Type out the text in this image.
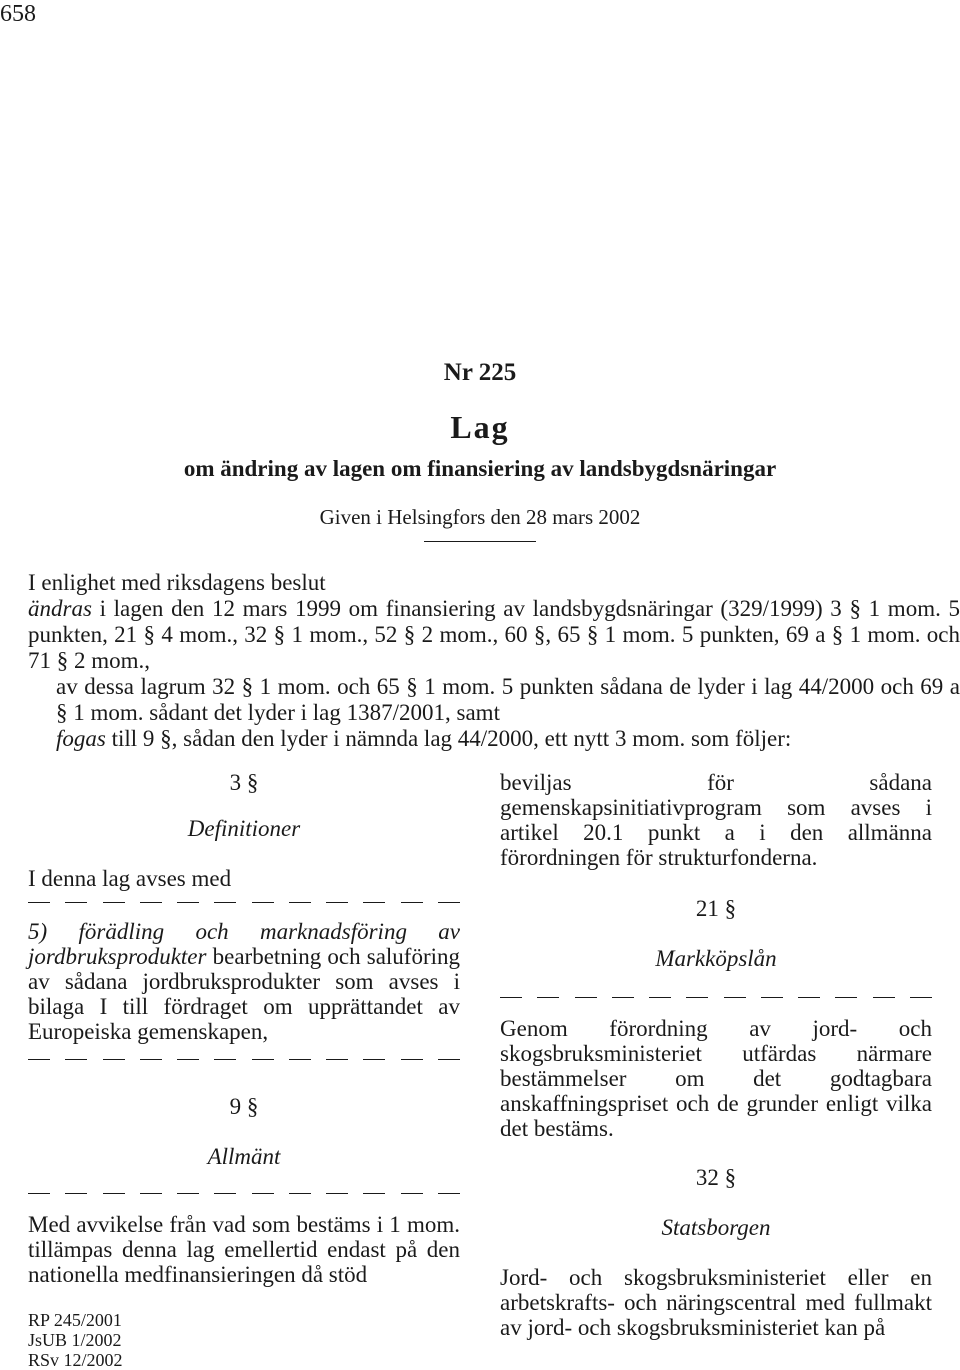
658
Nr 225
Lag
om ändring av lagen om finansiering av landsbygdsnäringar
Given i Helsingfors den 28 mars 2002

I enlighet med riksdagens beslut

ändras i lagen den 12 mars 1999 om finansiering av landsbygdsnäringar (329/1999) 3 § 1 mom. 5 punkten, 21 § 4 mom., 32 § 1 mom., 52 § 2 mom., 60 §, 65 § 1 mom. 5 punkten, 69 a § 1 mom. och 71 § 2 mom.,

av dessa lagrum 32 § 1 mom. och 65 § 1 mom. 5 punkten sådana de lyder i lag 44/2000 och 69 a § 1 mom. sådant det lyder i lag 1387/2001, samt

fogas till 9 §, sådan den lyder i nämnda lag 44/2000, ett nytt 3 mom. som följer:

3 §
Definitioner

I denna lag avses med

5) förädling och marknadsföring av jordbruksprodukter bearbetning och saluföring av sådana jordbruksprodukter som avses i bilaga I till fördraget om upprättandet av Europeiska gemenskapen,

9 §
Allmänt

Med avvikelse från vad som bestäms i 1 mom. tillämpas denna lag emellertid endast på den nationella medfinansieringen då stöd

beviljas för sådana gemenskapsinitiativprogram som avses i artikel 20.1 punkt a i den allmänna förordningen för strukturfonderna.

21 §
Markköpslån

Genom förordning av jord- och skogsbruksministeriet utfärdas närmare bestämmelser om det godtagbara anskaffningspriset och de grunder enligt vilka det bestäms.

32 §
Statsborgen

Jord- och skogsbruksministeriet eller en arbetskrafts- och näringscentral med fullmakt av jord- och skogsbruksministeriet kan på

RP 245/2001
JsUB 1/2002
RSv 12/2002
